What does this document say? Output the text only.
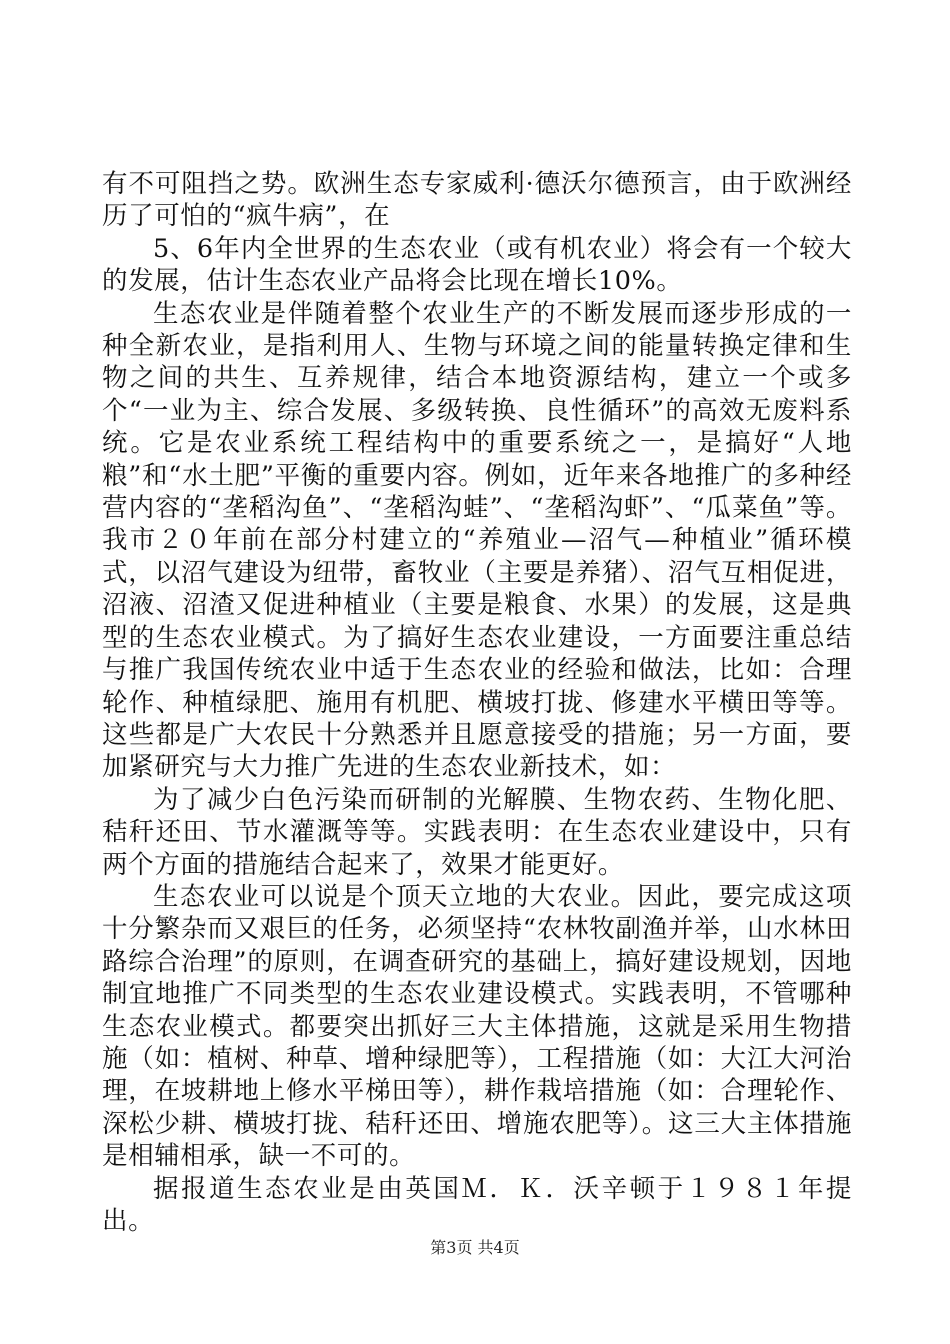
有不可阻挡之势。欧洲生态专家威利·德沃尔德预言，由于欧洲经历了可怕的“疯牛病”，在

5、6年内全世界的生态农业（或有机农业）将会有一个较大的发展，估计生态农业产品将会比现在增长10%。

生态农业是伴随着整个农业生产的不断发展而逐步形成的一种全新农业，是指利用人、生物与环境之间的能量转换定律和生物之间的共生、互养规律，结合本地资源结构，建立一个或多个“一业为主、综合发展、多级转换、良性循环”的高效无废料系统。它是农业系统工程结构中的重要系统之一，是搞好“人地粮”和“水土肥”平衡的重要内容。例如，近年来各地推广的多种经营内容的“垄稻沟鱼”、“垄稻沟蛙”、“垄稻沟虾”、“瓜菜鱼”等。我市２０年前在部分村建立的“养殖业—沼气—种植业”循环模式，以沼气建设为纽带，畜牧业（主要是养猪）、沼气互相促进，沼液、沼渣又促进种植业（主要是粮食、水果）的发展，这是典型的生态农业模式。为了搞好生态农业建设，一方面要注重总结与推广我国传统农业中适于生态农业的经验和做法，比如：合理轮作、种植绿肥、施用有机肥、横坡打拢、修建水平横田等等。这些都是广大农民十分熟悉并且愿意接受的措施；另一方面，要加紧研究与大力推广先进的生态农业新技术，如：

为了减少白色污染而研制的光解膜、生物农药、生物化肥、秸秆还田、节水灌溉等等。实践表明：在生态农业建设中，只有两个方面的措施结合起来了，效果才能更好。

生态农业可以说是个顶天立地的大农业。因此，要完成这项十分繁杂而又艰巨的任务，必须坚持“农林牧副渔并举，山水林田路综合治理”的原则，在调查研究的基础上，搞好建设规划，因地制宜地推广不同类型的生态农业建设模式。实践表明，不管哪种生态农业模式。都要突出抓好三大主体措施，这就是采用生物措施（如：植树、种草、增种绿肥等），工程措施（如：大江大河治理，在坡耕地上修水平梯田等），耕作栽培措施（如：合理轮作、深松少耕、横坡打拢、秸秆还田、增施农肥等）。这三大主体措施是相辅相承，缺一不可的。

据报道生态农业是由英国Ｍ．Ｋ．沃辛顿于１９８１年提出。

第3页 共4页
